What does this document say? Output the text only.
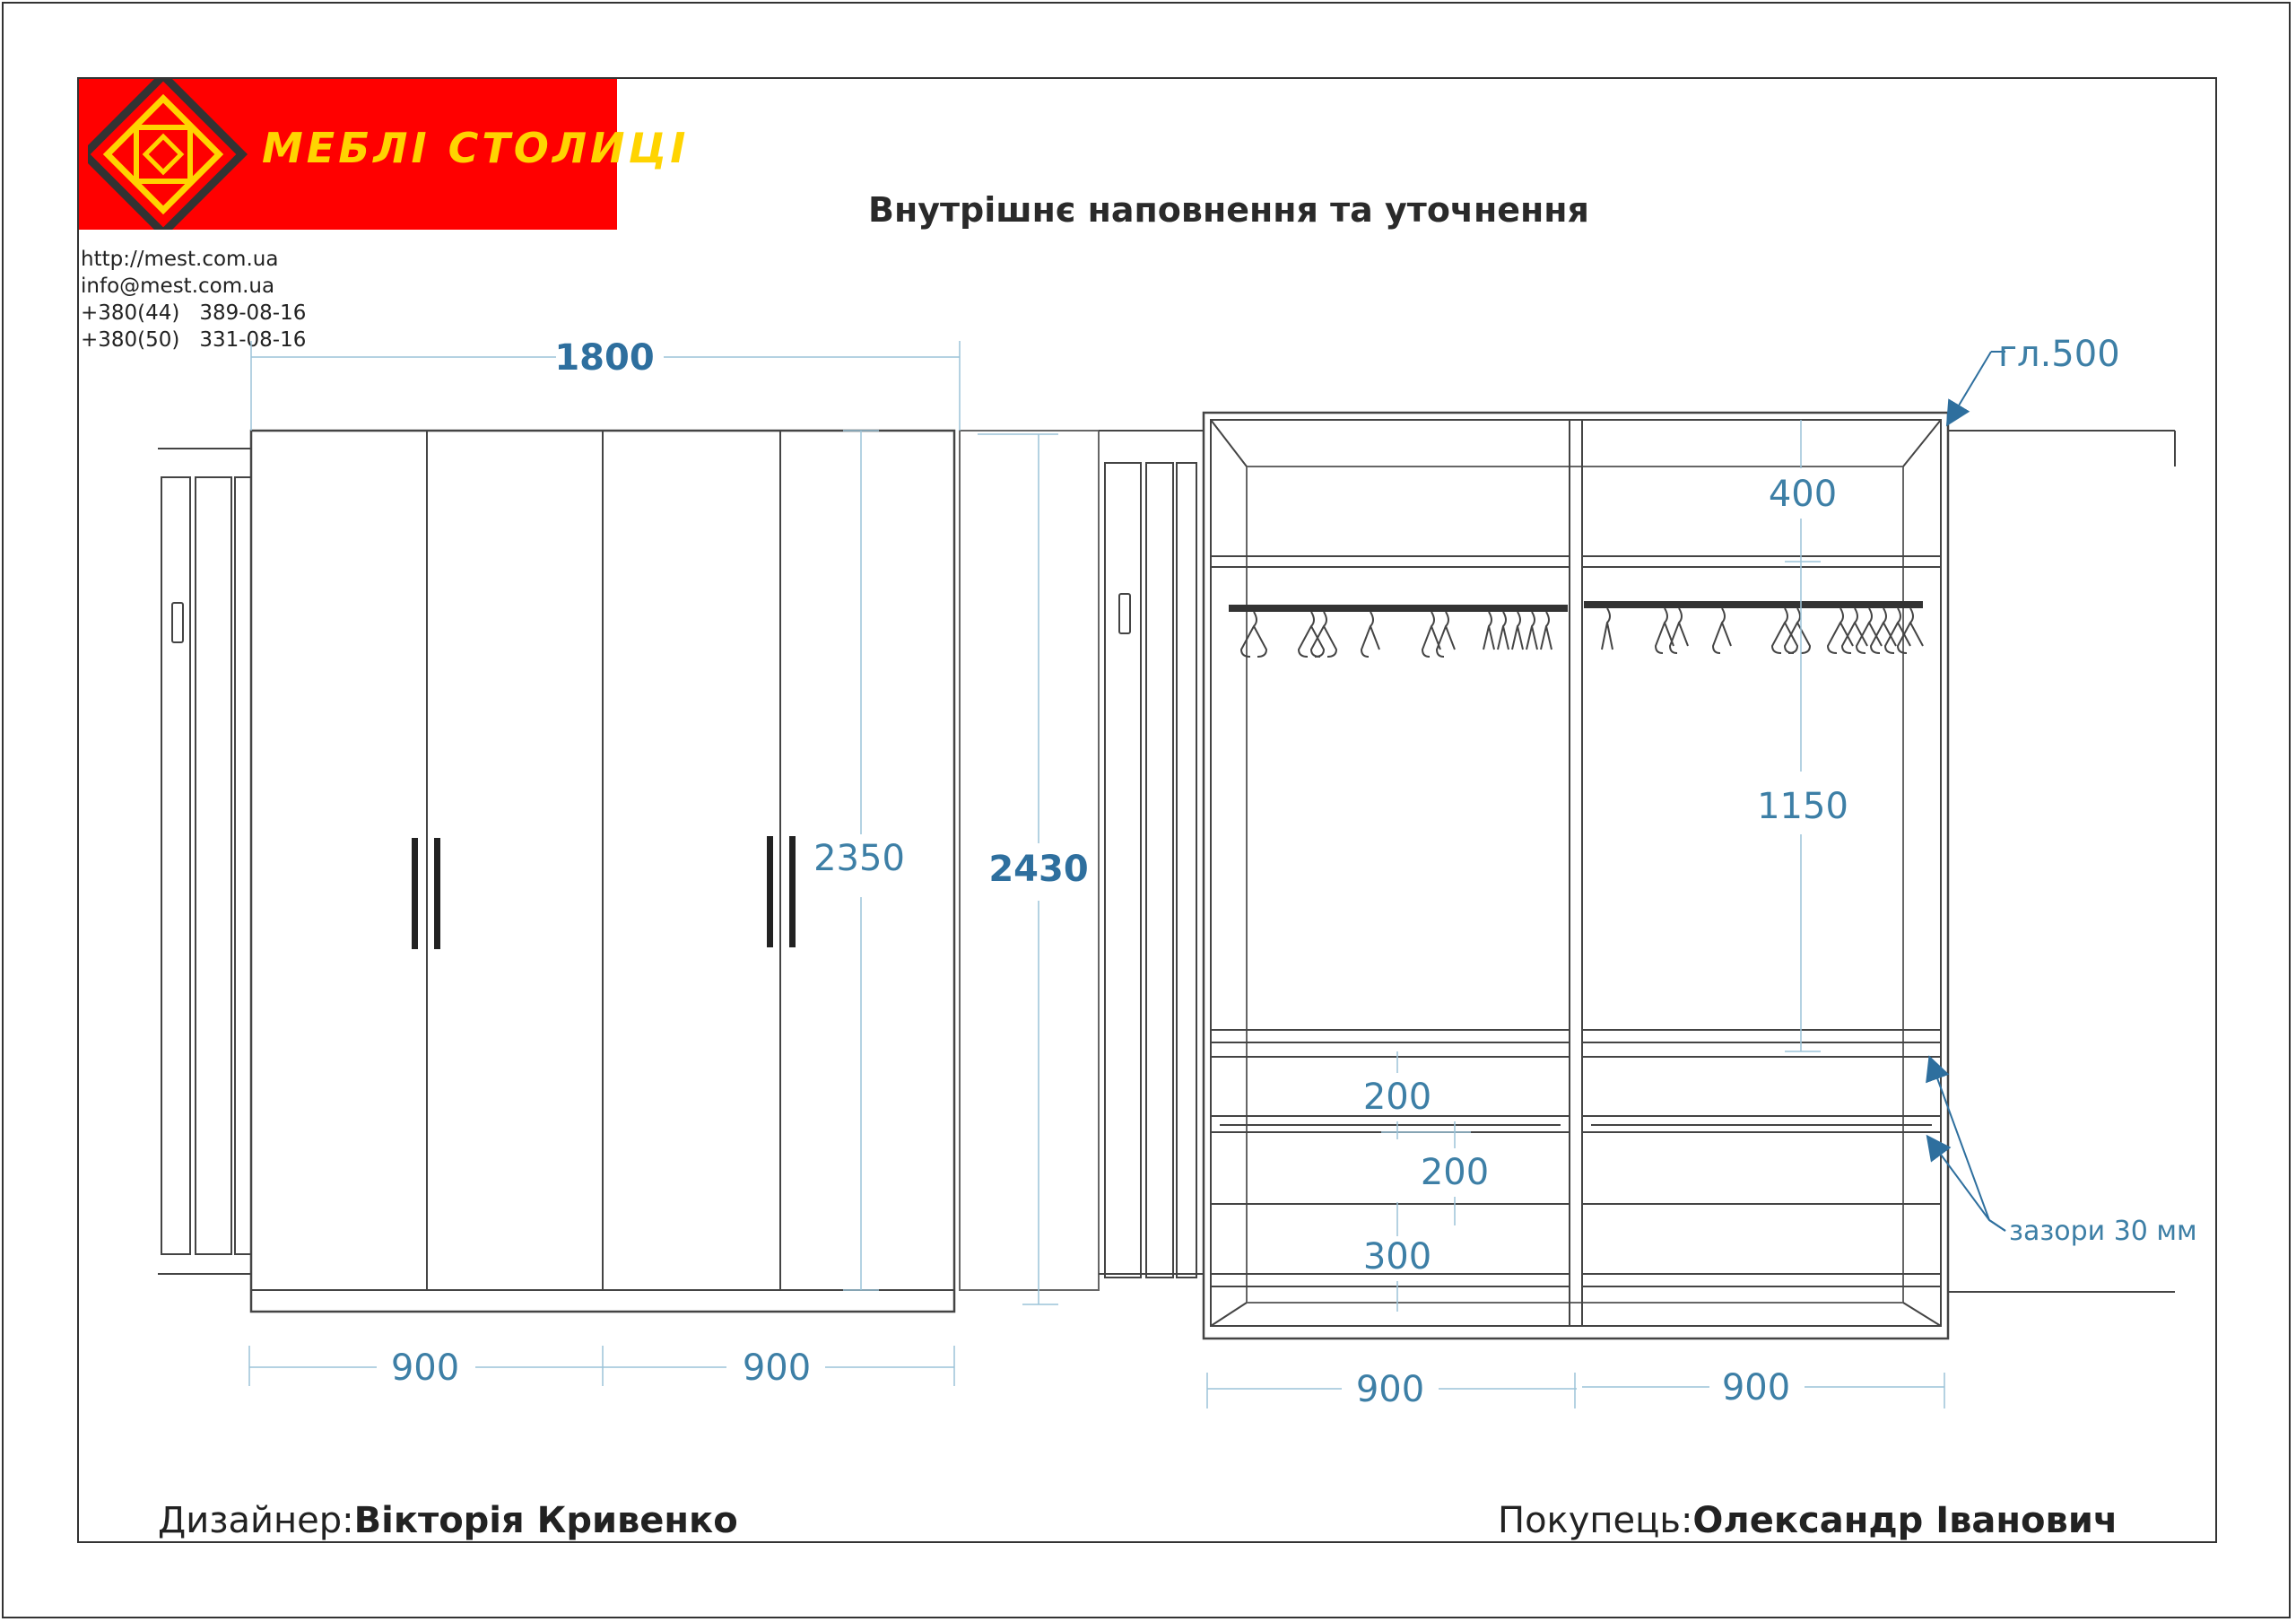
МЕБЛІ СТОЛИЦІ
http://mest.com.ua
info@mest.com.ua
+380(44)   389-08-16
+380(50)   331-08-16
Внутрішнє наповнення та уточнення
1800
2350 2430
900	900
гл.500
400
1150
200
200
300
зазори 30 мм
900	900
Дизайнер:Вікторія Кривенко	Покупець:Олександр Іванович
